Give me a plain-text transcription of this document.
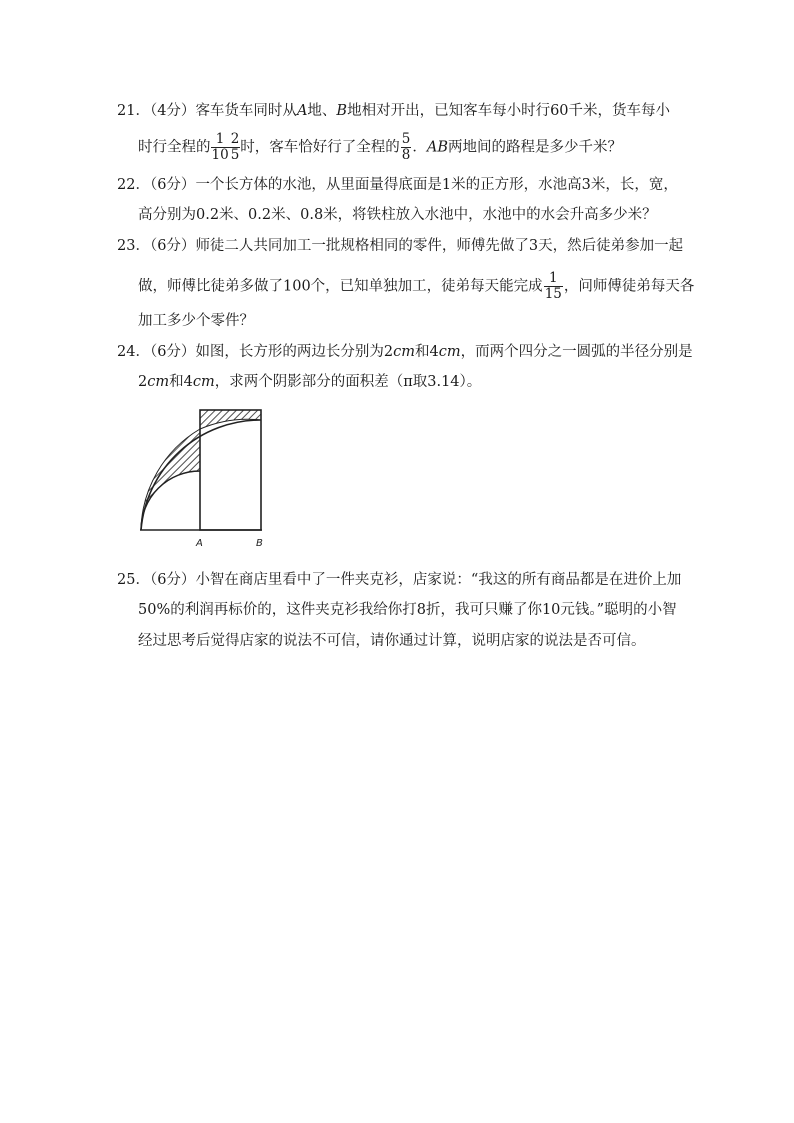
21．（4分）客车货车同时从A地、B地相对开出，已知客车每小时行60千米，货车每小
时行全程的 $\frac{1}{10} \frac{2}{5}$ 时，客车恰好行了全程的 $\frac{5}{8}$ ．AB两地间的路程是多少千米？
22．（6分）一个长方体的水池，从里面量得底面是1米的正方形，水池高3米，长，宽，
高分别为0.2米、0.2米、0.8米，将铁柱放入水池中，水池中的水会升高多少米？
23．（6分）师徒二人共同加工一批规格相同的零件，师傅先做了3天，然后徒弟参加一起
做，师傅比徒弟多做了100个，已知单独加工，徒弟每天能完成 $\frac{1}{15}$ ，问师傅徒弟每天各
加工多少个零件？
24．（6分）如图，长方形的两边长分别为2cm和4cm，而两个四分之一圆弧的半径分别是
2cm和4cm，求两个阴影部分的面积差（π取3.14）。
A	B
25．（6分）小智在商店里看中了一件夹克衫，店家说：“我这的所有商品都是在进价上加
50%的利润再标价的，这件夹克衫我给你打8折，我可只赚了你10元钱。”聪明的小智
经过思考后觉得店家的说法不可信，请你通过计算，说明店家的说法是否可信。
